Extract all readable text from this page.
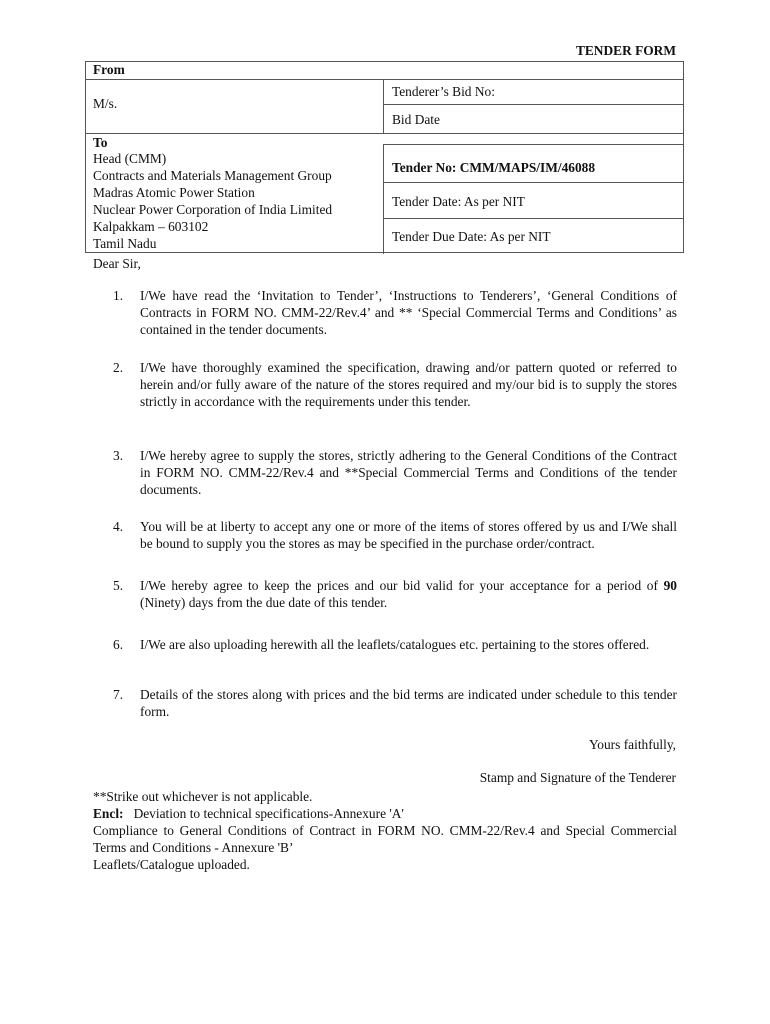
TENDER FORM
From
M/s.
Tenderer’s Bid No:
Bid Date
To
Head (CMM)
Contracts and Materials Management Group
Madras Atomic Power Station
Nuclear Power Corporation of India Limited
Kalpakkam – 603102
Tamil Nadu
Tender No: CMM/MAPS/IM/46088
Tender Date: As per NIT
Tender Due Date: As per NIT
Dear Sir,
1. I/We have read the ‘Invitation to Tender’, ‘Instructions to Tenderers’, ‘General Conditions of Contracts in FORM NO. CMM-22/Rev.4’ and ** ‘Special Commercial Terms and Conditions’ as contained in the tender documents.
2. I/We have thoroughly examined the specification, drawing and/or pattern quoted or referred to herein and/or fully aware of the nature of the stores required and my/our bid is to supply the stores strictly in accordance with the requirements under this tender.
3. I/We hereby agree to supply the stores, strictly adhering to the General Conditions of the Contract in FORM NO. CMM-22/Rev.4 and **Special Commercial Terms and Conditions of the tender documents.
4. You will be at liberty to accept any one or more of the items of stores offered by us and I/We shall be bound to supply you the stores as may be specified in the purchase order/contract.
5. I/We hereby agree to keep the prices and our bid valid for your acceptance for a period of 90 (Ninety) days from the due date of this tender.
6. I/We are also uploading herewith all the leaflets/catalogues etc. pertaining to the stores offered.
7. Details of the stores along with prices and the bid terms are indicated under schedule to this tender form.
Yours faithfully,
Stamp and Signature of the Tenderer
**Strike out whichever is not applicable.
Encl: Deviation to technical specifications-Annexure 'A'
Compliance to General Conditions of Contract in FORM NO. CMM-22/Rev.4 and Special Commercial Terms and Conditions - Annexure 'B’
Leaflets/Catalogue uploaded.
